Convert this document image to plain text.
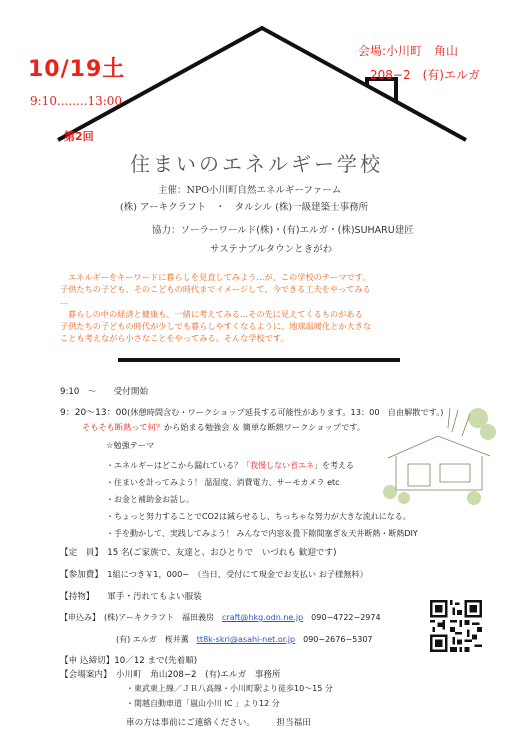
10/19土
9:10........13:00
第2回
会場:小川町　角山
208−2　(有)エルガ
住まいのエネルギー学校
主催：NPO小川町自然エネルギーファーム
(株) アーキクラフト　・　タルシル (株)一級建築士事務所
協力：ソーラーワールド(株)・(有)エルガ・(株)SUHARU建匠
サステナブルタウンときがわ
エネルギーをキーワードに暮らしを見直してみよう…が、この学校のテーマです。
子供たちの子ども、そのこどもの時代までイメージして、今できる工夫をやってみる
…
暮らしの中の経済と健康も、一緒に考えてみる…その先に見えてくるものがある
子供たちの子どもの時代が少しでも暮らしやすくなるように、地球温暖化とか大きな
ことも考えながら小さなことをやってみる。そんな学校です。
9:10　～　　受付開始
9：20～13：00(休憩時間含む・ワークショップ延長する可能性があります。13：00　自由解散です。)
そもそも断熱って何？から始まる勉強会 ＆ 簡単な断熱ワークショップです。
☆勉強テーマ
・エネルギーはどこから漏れている？「我慢しない省エネ」を考える
・住まいを計ってみよう！ 温湿度、消費電力、サーモカメラ etc
・お金と補助金お話し。
・ちょっと努力することでCO2は減らせるし、ちっちゃな努力が大きな流れになる。
・手を動かして、実践してみよう！ みんなで内窓＆畳下隙間塞ぎ＆天井断熱・断熱DIY
【定　員】　 15 名(ご家族で、友達と、おひとりで　いづれも 歓迎です)
【参加費】　 1組につき￥1，000−　（当日、受付にて現金でお支払い お子様無料）
【持物】　　 軍手・汚れてもよい服装
【申込み】　 (株)アーキクラフト　福田義房　 craft@hkg.odn.ne.jp　 090−4722−2974
(有) エルガ　桜井薫　 tt8k-skri@asahi-net.or.jp　 090−2676−5307
【申 込締切】10／12 まで(先着順)
【会場案内】　 小川町　角山208−2　(有)エルガ　事務所
・東武東上線／ＪＲ八高線・小川町駅より徒歩10〜15 分
・関越自動車道「嵐山小川 IC 」より12 分
車の方は事前にご連絡ください。　　　	担当福田
